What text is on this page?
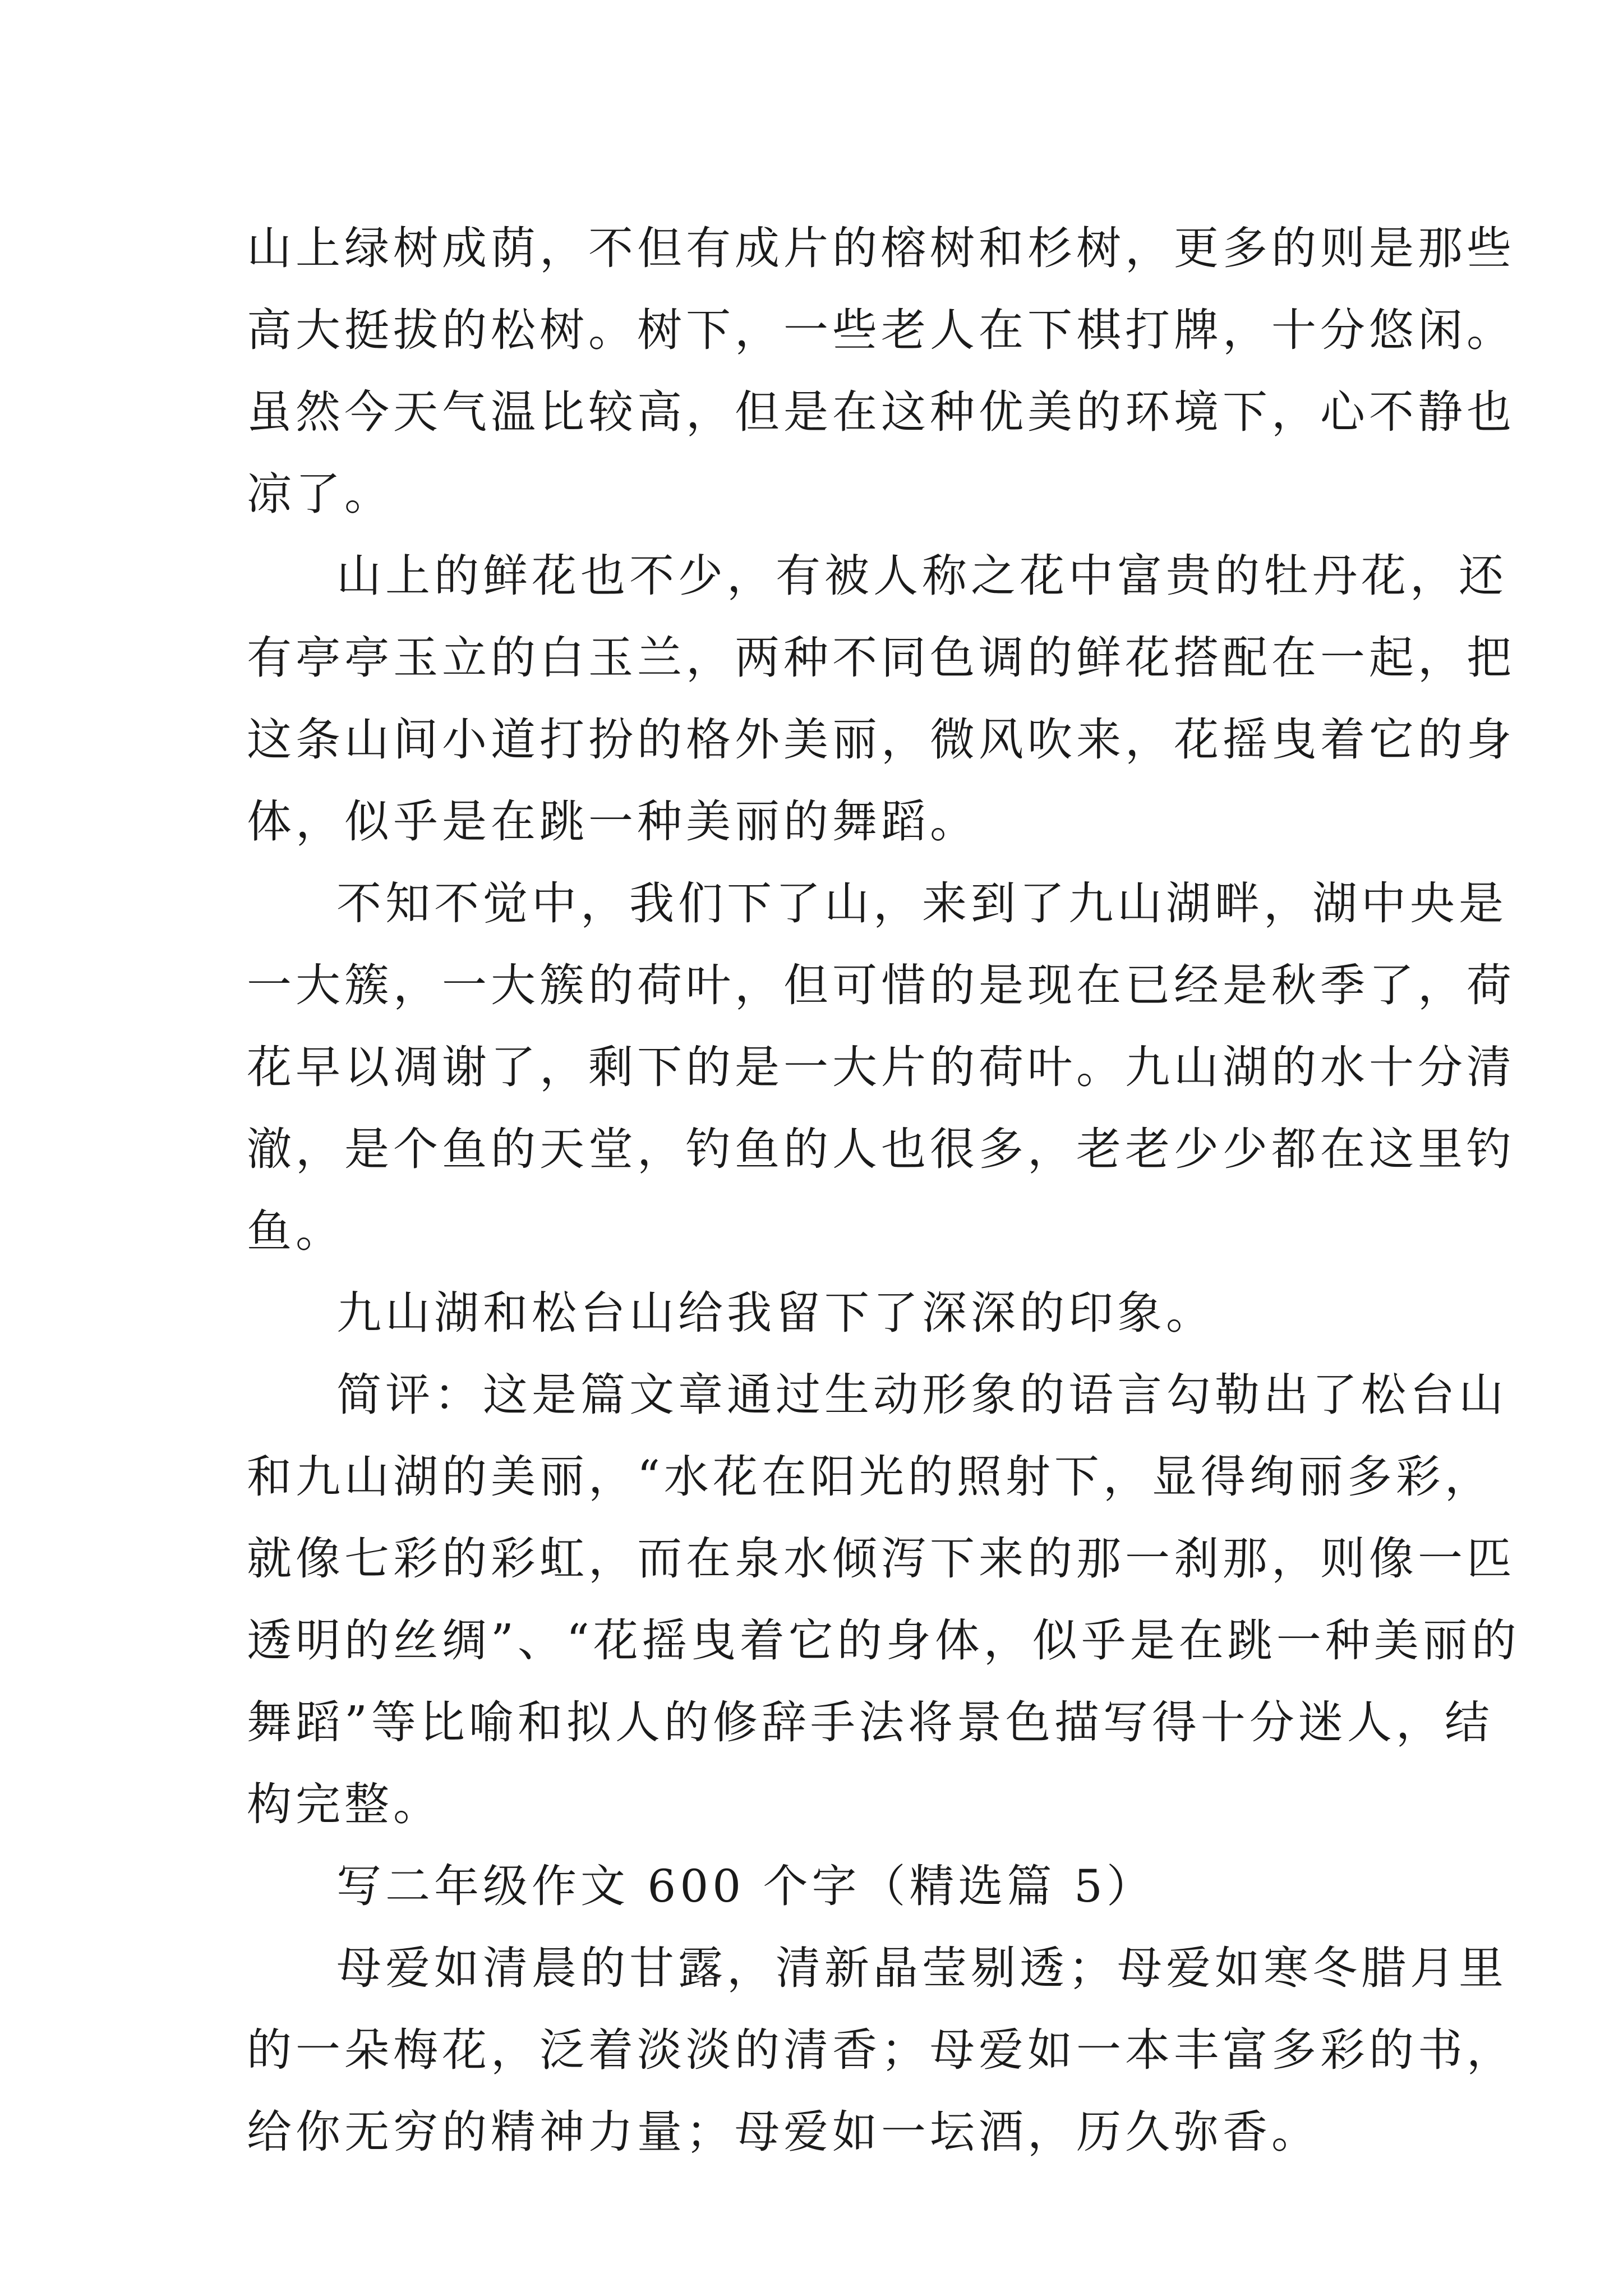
山上绿树成荫，不但有成片的榕树和杉树，更多的则是那些
高大挺拔的松树。树下，一些老人在下棋打牌，十分悠闲。
虽然今天气温比较高，但是在这种优美的环境下，心不静也
凉了。
山上的鲜花也不少，有被人称之花中富贵的牡丹花，还
有亭亭玉立的白玉兰，两种不同色调的鲜花搭配在一起，把
这条山间小道打扮的格外美丽，微风吹来，花摇曳着它的身
体，似乎是在跳一种美丽的舞蹈。
不知不觉中，我们下了山，来到了九山湖畔，湖中央是
一大簇，一大簇的荷叶，但可惜的是现在已经是秋季了，荷
花早以凋谢了，剩下的是一大片的荷叶。九山湖的水十分清
澈，是个鱼的天堂，钓鱼的人也很多，老老少少都在这里钓
鱼。
九山湖和松台山给我留下了深深的印象。
简评：这是篇文章通过生动形象的语言勾勒出了松台山
和九山湖的美丽，“水花在阳光的照射下，显得绚丽多彩，
就像七彩的彩虹，而在泉水倾泻下来的那一刹那，则像一匹
透明的丝绸”、“花摇曳着它的身体，似乎是在跳一种美丽的
舞蹈”等比喻和拟人的修辞手法将景色描写得十分迷人，结
构完整。
写二年级作文 600 个字（精选篇 5）
母爱如清晨的甘露，清新晶莹剔透；母爱如寒冬腊月里
的一朵梅花，泛着淡淡的清香；母爱如一本丰富多彩的书，
给你无穷的精神力量；母爱如一坛酒，历久弥香。
